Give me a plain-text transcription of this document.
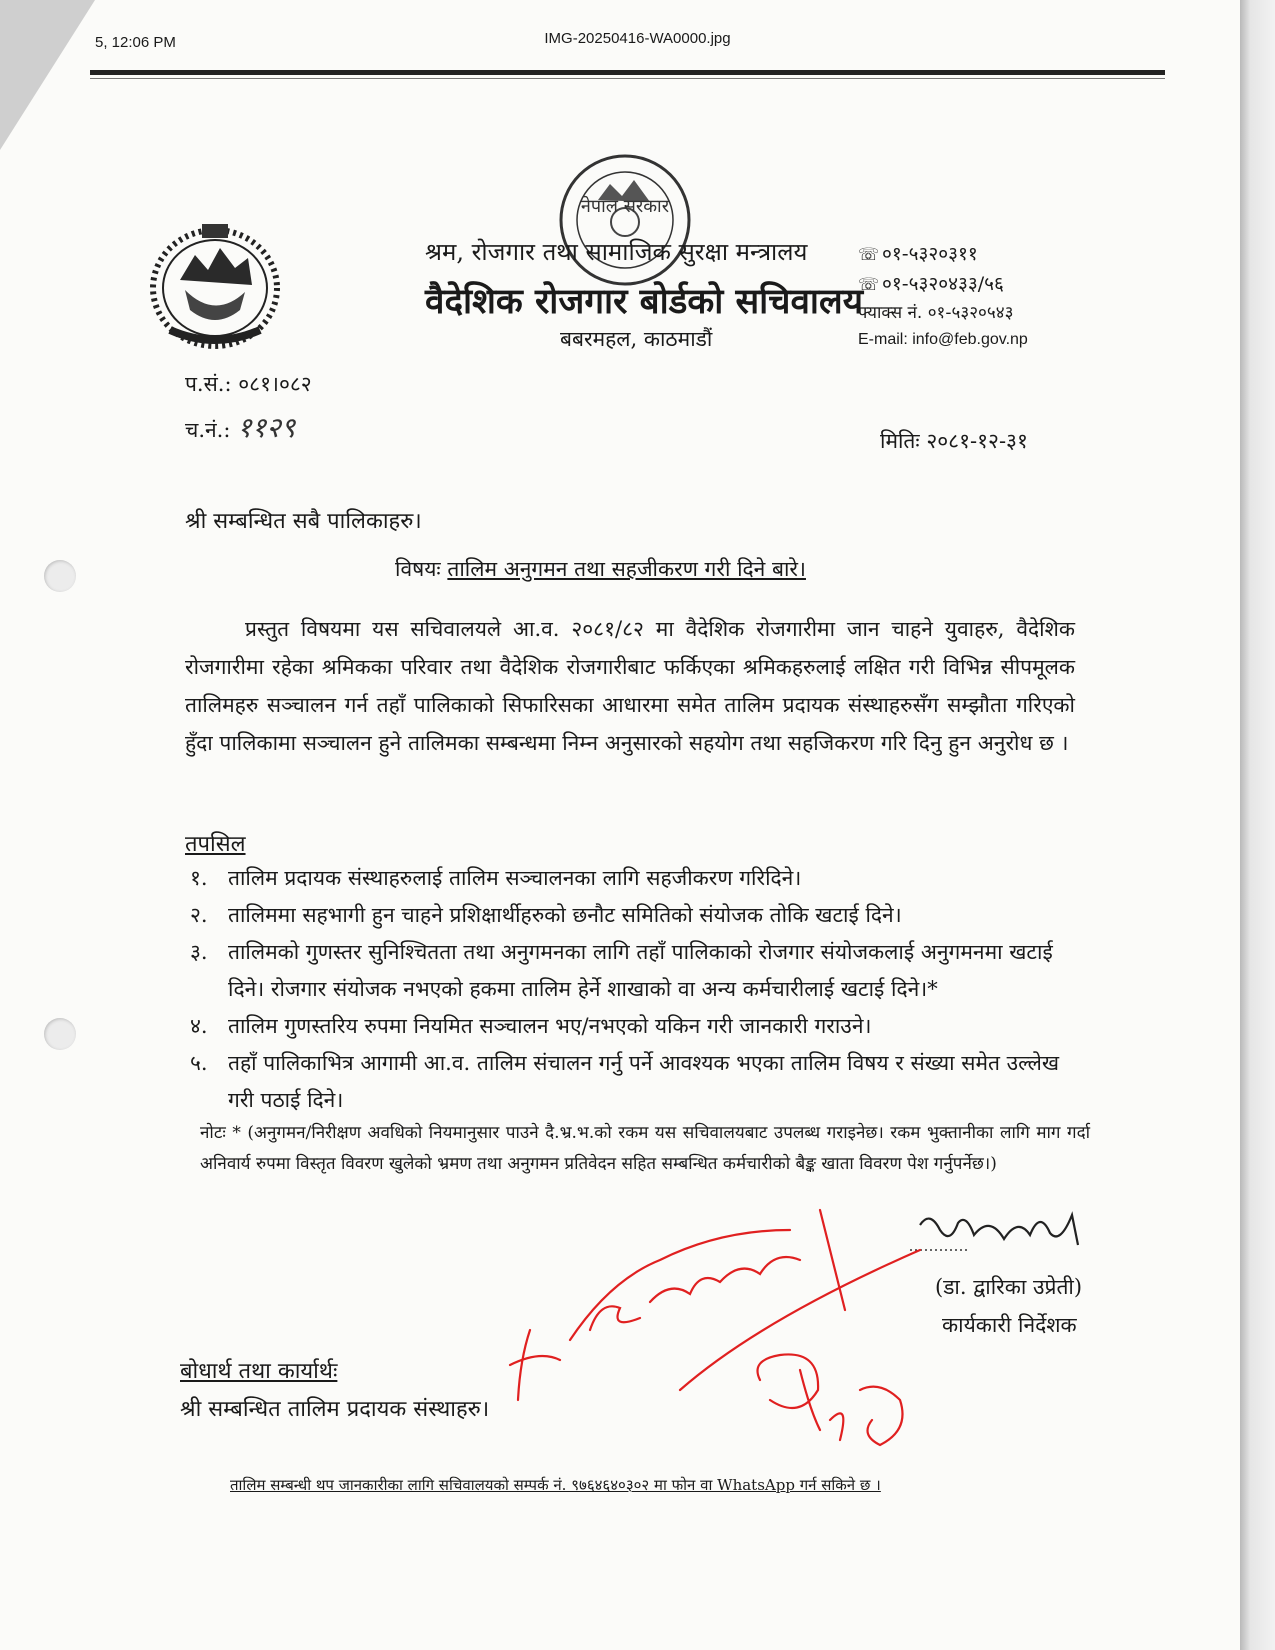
5, 12:06 PM	IMG-20250416-WA0000.jpg
नेपाल सरकार
श्रम, रोजगार तथा सामाजिक सुरक्षा मन्त्रालय
वैदेशिक रोजगार बोर्डको सचिवालय
बबरमहल, काठमाडौं
☏ ०१-५३२०३११
☏ ०१-५३२०४३३/५६
फ्याक्स नं. ०१-५३२०५४३
E-mail: info@feb.gov.np
प.सं.: ०८१।०८२
च.नं.: ११२९	मितिः २०८१-१२-३१
श्री सम्बन्धित सबै पालिकाहरु।
विषयः तालिम अनुगमन तथा सहजीकरण गरी दिने बारे।

प्रस्तुत विषयमा यस सचिवालयले आ.व. २०८१/८२ मा वैदेशिक रोजगारीमा जान चाहने युवाहरु, वैदेशिक रोजगारीमा रहेका श्रमिकका परिवार तथा वैदेशिक रोजगारीबाट फर्किएका श्रमिकहरुलाई लक्षित गरी विभिन्न सीपमूलक तालिमहरु सञ्चालन गर्न तहाँ पालिकाको सिफारिसका आधारमा समेत तालिम प्रदायक संस्थाहरुसँग सम्झौता गरिएको हुँदा पालिकामा सञ्चालन हुने तालिमका सम्बन्धमा निम्न अनुसारको सहयोग तथा सहजिकरण गरि दिनु हुन अनुरोध छ ।

तपसिल
१. तालिम प्रदायक संस्थाहरुलाई तालिम सञ्चालनका लागि सहजीकरण गरिदिने।
२. तालिममा सहभागी हुन चाहने प्रशिक्षार्थीहरुको छनौट समितिको संयोजक तोकि खटाई दिने।
३. तालिमको गुणस्तर सुनिश्चितता तथा अनुगमनका लागि तहाँ पालिकाको रोजगार संयोजकलाई अनुगमनमा खटाई दिने। रोजगार संयोजक नभएको हकमा तालिम हेर्ने शाखाको वा अन्य कर्मचारीलाई खटाई दिने।*
४. तालिम गुणस्तरिय रुपमा नियमित सञ्चालन भए/नभएको यकिन गरी जानकारी गराउने।
५. तहाँ पालिकाभित्र आगामी आ.व. तालिम संचालन गर्नु पर्ने आवश्यक भएका तालिम विषय र संख्या समेत उल्लेख गरी पठाई दिने।
नोटः * (अनुगमन/निरीक्षण अवधिको नियमानुसार पाउने दै.भ्र.भ.को रकम यस सचिवालयबाट उपलब्ध गराइनेछ। रकम भुक्तानीका लागि माग गर्दा अनिवार्य रुपमा विस्तृत विवरण खुलेको भ्रमण तथा अनुगमन प्रतिवेदन सहित सम्बन्धित कर्मचारीको बैङ्क खाता विवरण पेश गर्नुपर्नेछ।)
(डा. द्वारिका उप्रेती)
कार्यकारी निर्देशक
बोधार्थ तथा कार्यार्थः
श्री सम्बन्धित तालिम प्रदायक संस्थाहरु।
तालिम सम्बन्धी थप जानकारीका लागि सचिवालयको सम्पर्क नं. ९७६४६४०३०२ मा फोन वा WhatsApp गर्न सकिने छ ।
